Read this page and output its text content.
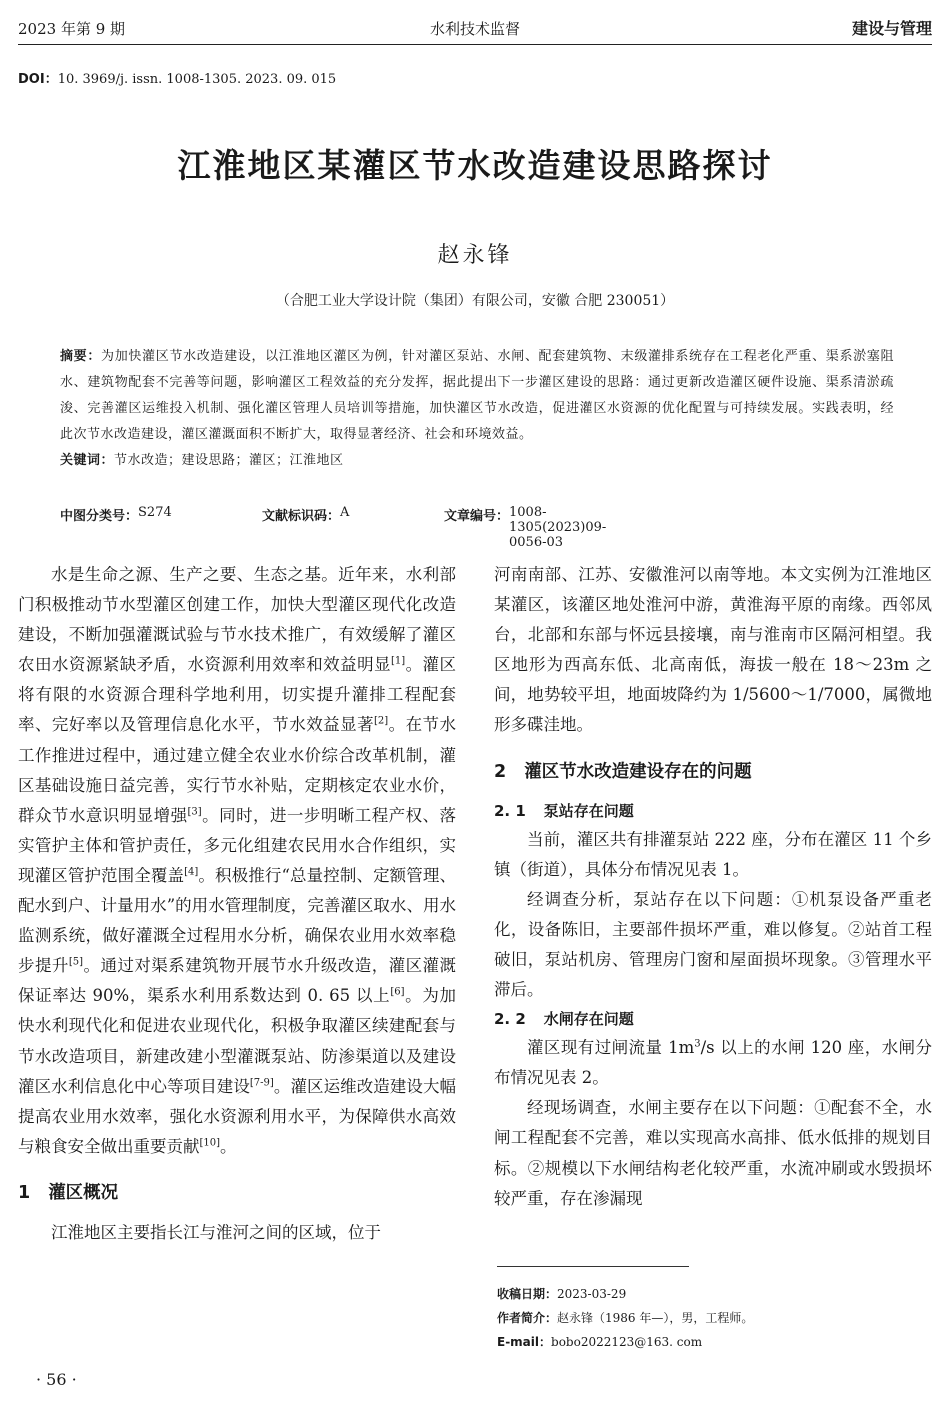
2023 年第 9 期	水利技术监督	建设与管理
DOI：10. 3969/j. issn. 1008-1305. 2023. 09. 015
江淮地区某灌区节水改造建设思路探讨
赵永锋
（合肥工业大学设计院（集团）有限公司，安徽 合肥 230051）
摘要：为加快灌区节水改造建设，以江淮地区灌区为例，针对灌区泵站、水闸、配套建筑物、末级灌排系统存在工程老化严重、渠系淤塞阻水、建筑物配套不完善等问题，影响灌区工程效益的充分发挥，据此提出下一步灌区建设的思路：通过更新改造灌区硬件设施、渠系清淤疏浚、完善灌区运维投入机制、强化灌区管理人员培训等措施，加快灌区节水改造，促进灌区水资源的优化配置与可持续发展。实践表明，经此次节水改造建设，灌区灌溉面积不断扩大，取得显著经济、社会和环境效益。
关键词：节水改造；建设思路；灌区；江淮地区
中图分类号： S274	文献标识码： A	文章编号： 1008-1305(2023)09-0056-03

水是生命之源、生产之要、生态之基。近年来，水利部门积极推动节水型灌区创建工作，加快大型灌区现代化改造建设，不断加强灌溉试验与节水技术推广，有效缓解了灌区农田水资源紧缺矛盾，水资源利用效率和效益明显[1]。灌区将有限的水资源合理科学地利用，切实提升灌排工程配套率、完好率以及管理信息化水平，节水效益显著[2]。在节水工作推进过程中，通过建立健全农业水价综合改革机制，灌区基础设施日益完善，实行节水补贴，定期核定农业水价，群众节水意识明显增强[3]。同时，进一步明晰工程产权、落实管护主体和管护责任，多元化组建农民用水合作组织，实现灌区管护范围全覆盖[4]。积极推行“总量控制、定额管理、配水到户、计量用水”的用水管理制度，完善灌区取水、用水监测系统，做好灌溉全过程用水分析，确保农业用水效率稳步提升[5]。通过对渠系建筑物开展节水升级改造，灌区灌溉保证率达 90%，渠系水利用系数达到 0. 65 以上[6]。为加快水利现代化和促进农业现代化，积极争取灌区续建配套与节水改造项目，新建改建小型灌溉泵站、防渗渠道以及建设灌区水利信息化中心等项目建设[7-9]。灌区运维改造建设大幅提高农业用水效率，强化水资源利用水平，为保障供水高效与粮食安全做出重要贡献[10]。

1 灌区概况

江淮地区主要指长江与淮河之间的区域，位于

河南南部、江苏、安徽淮河以南等地。本文实例为江淮地区某灌区，该灌区地处淮河中游，黄淮海平原的南缘。西邻凤台，北部和东部与怀远县接壤，南与淮南市区隔河相望。我区地形为西高东低、北高南低，海拔一般在 18～23m 之间，地势较平坦，地面坡降约为 1/5600～1/7000，属微地形多碟洼地。

2 灌区节水改造建设存在的问题
2. 1 泵站存在问题

当前，灌区共有排灌泵站 222 座，分布在灌区 11 个乡镇（街道），具体分布情况见表 1。

经调查分析，泵站存在以下问题：①机泵设备严重老化，设备陈旧，主要部件损坏严重，难以修复。②站首工程破旧，泵站机房、管理房门窗和屋面损坏现象。③管理水平滞后。

2. 2 水闸存在问题

灌区现有过闸流量 $1m^3/s$ 以上的水闸 120 座，水闸分布情况见表 2。

经现场调查，水闸主要存在以下问题：①配套不全，水闸工程配套不完善，难以实现高水高排、低水低排的规划目标。②规模以下水闸结构老化较严重，水流冲刷或水毁损坏较严重，存在渗漏现

收稿日期：2023-03-29
作者简介：赵永锋（1986 年—），男，工程师。
E-mail：bobo2022123@163. com
· 56 ·
